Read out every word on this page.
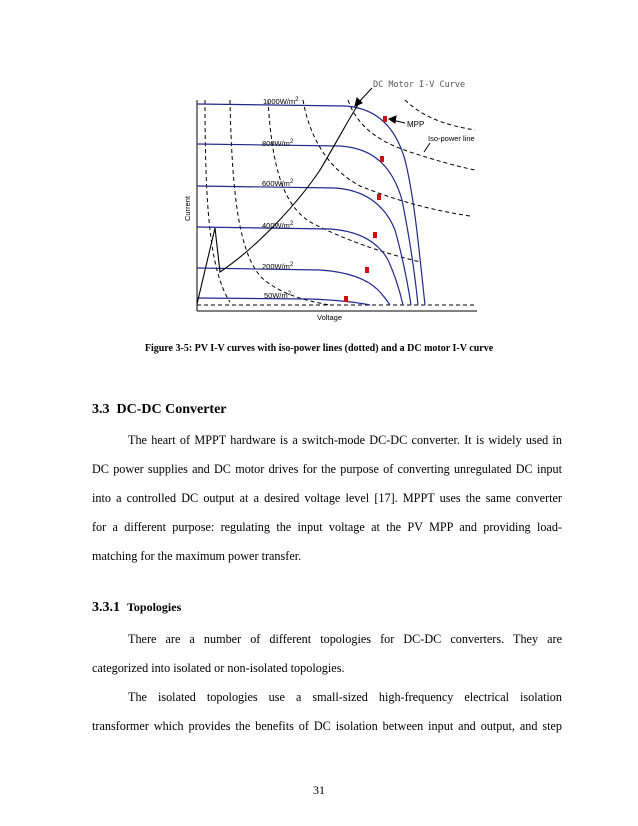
DC Motor I-V Curve
MPP
Iso-power line
Voltage
Current
$1000W/m^2$
$800W/m^2$
$600W/m^2$
$400W/m^2$
$200W/m^2$
$50W/m^2$
Figure 3-5: PV I-V curves with iso-power lines (dotted) and a DC motor I-V curve
3.3 DC-DC Converter
The heart of MPPT hardware is a switch-mode DC-DC converter. It is widely used in
DC power supplies and DC motor drives for the purpose of converting unregulated DC input
into a controlled DC output at a desired voltage level [17]. MPPT uses the same converter
for a different purpose: regulating the input voltage at the PV MPP and providing load-
matching for the maximum power transfer.
3.3.1 Topologies
There are a number of different topologies for DC-DC converters. They are
categorized into isolated or non-isolated topologies.
The isolated topologies use a small-sized high-frequency electrical isolation
transformer which provides the benefits of DC isolation between input and output, and step
31
